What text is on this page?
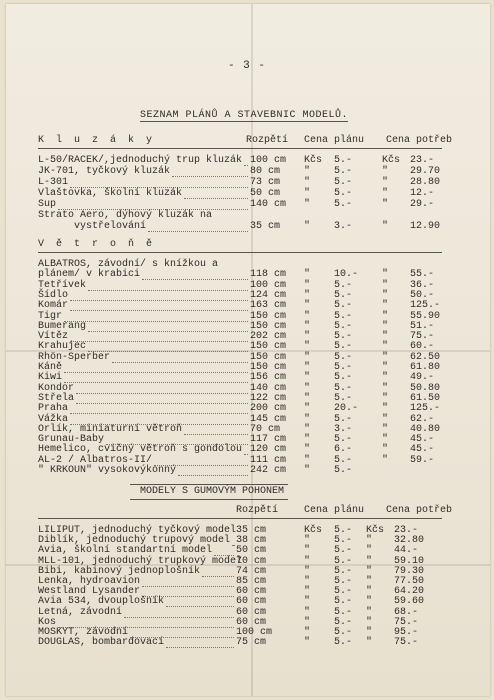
- 3 -
SEZNAM PLÁNŮ A STAVEBNIC MODELŮ.
K l u z á k y	Rozpětí Cena plánu Cena potřeb
L-50/RACEK/,jednoduchý trup kluzák 100 cm Kčs 5.-	Kčs 23.-
JK-701, tyčkový kluzák	80 cm " 5.-	" 29.70
L-301	73 cm " 5.-	" 28.80
Vlaštovka, školní kluzák	50 cm " 5.-	" 12.-
Sup	140 cm " 5.-	" 29.-
Strato Aero, dýhový kluzák na
vystřelování	35 cm " 3.-	" 12.90
V ě t r o ň ě
ALBATROS, závodní/ s knížkou a
plánem/ v krabici	118 cm " 10.- " 55.-
Tetřívek	100 cm " 5.-	" 36.-
Šídlo	124 cm " 5.-	" 50.-
Komár	163 cm " 5.-	" 125.-
Tigr	150 cm " 5.-	" 55.90
Bumerang	150 cm " 5.-	" 51.-
Vítěz	202 cm " 5.-	" 75.-
Krahujec	150 cm " 5.-	" 60.-
Rhön-Sperber	150 cm " 5.-	" 62.50
Káně	150 cm " 5.-	" 61.80
Kiwi	156 cm " 5.-	" 49.-
Kondor	140 cm " 5.-	" 50.80
Střela	122 cm " 5.-	" 61.50
Praha	200 cm " 20.- " 125.-
Vážka	145 cm " 5.-	" 62.-
Orlík, miniaturní větroň	70 cm " 3.-	" 40.80
Grunau-Baby	117 cm " 5.-	" 45.-
Hemelico, cvičný větroň s gondolou 120 cm " 6.-	" 45.-
AL-2 / Albatros-II/	111 cm " 5.-	" 59.-
" KRKOUN" vysokovýkonný	242 cm " 5.-
MODELY S GUMOVÝM POHONEM
Rozpětí	Cena plánu Cena potřeb
LILIPUT, jednoduchý tyčkový model 35 cm	Kčs 5.- Kčs 23.-
Diblík, jednoduchý trupový model 38 cm	" 5.- " 32.80
Avia, školní standartní model 50 cm	" 5.- " 44.-
MLL-101, jednoduchý trupkový model
70 cm	" 5.- " 59.10
Bibi, kabinový jednoplošník	74 cm	" 5.- " 79.30
Lenka, hydroavion	85 cm	" 5.- " 77.50
Westland Lysander	60 cm	" 5.- " 64.20
Avia 534, dvouplošník	60 cm	" 5.- " 59.60
Letná, závodní	60 cm	" 5.- " 68.-
Kos	60 cm	" 5.- " 75.-
MOSKYT, závodní	100 cm	" 5.- " 95.-
DOUGLAS, bombardovací	75 cm	" 5.- " 75.-
